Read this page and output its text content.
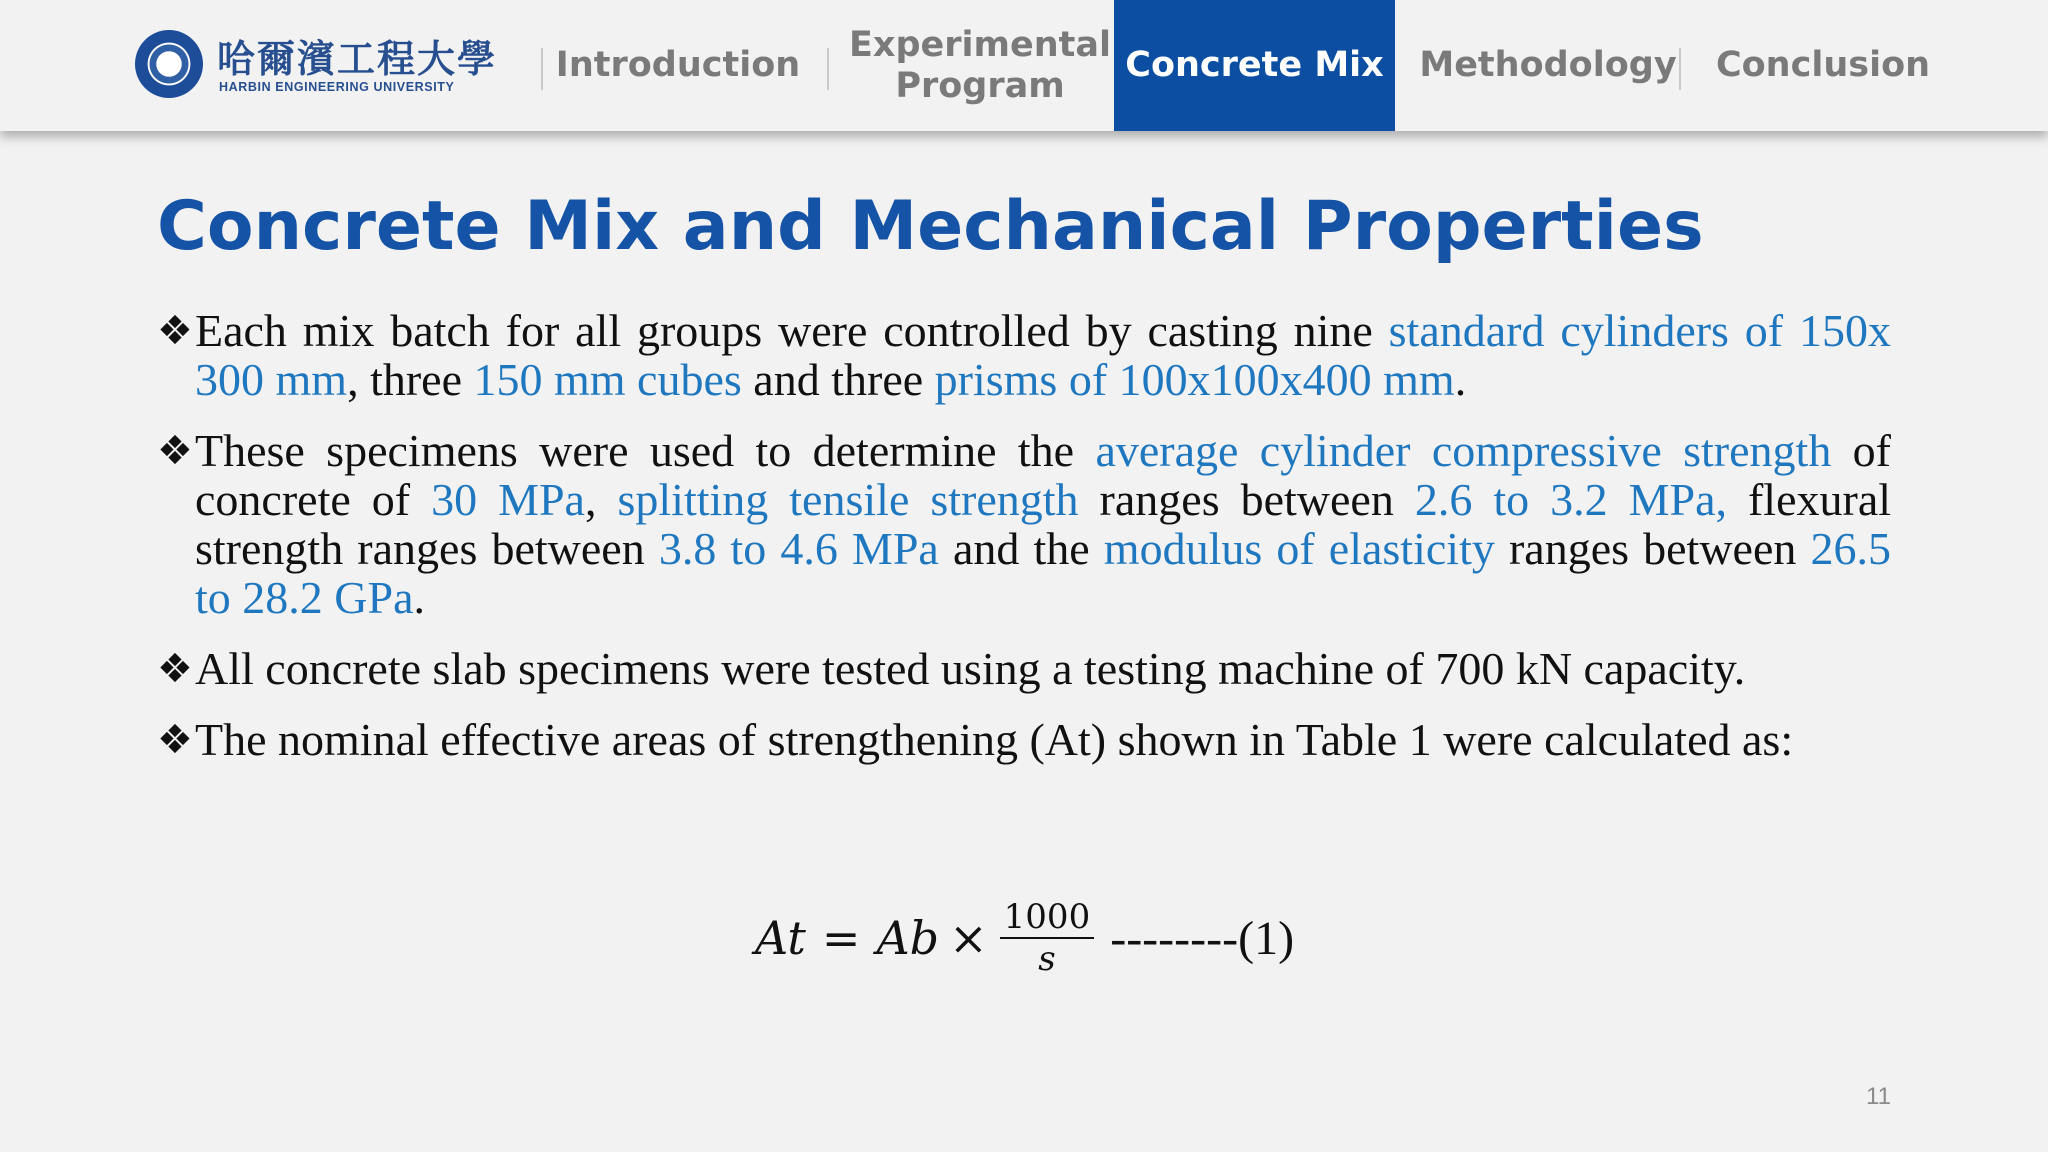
哈爾濱工程大學
HARBIN ENGINEERING UNIVERSITY
Introduction
Experimental Program
Concrete Mix	Methodology	Conclusion
Concrete Mix and Mechanical Properties

❖ Each mix batch for all groups were controlled by casting nine standard cylinders of 150x 300 mm, three 150 mm cubes and three prisms of 100x100x400 mm.

❖ These specimens were used to determine the average cylinder compressive strength of concrete of 30 MPa, splitting tensile strength ranges between 2.6 to 3.2 MPa, flexural strength ranges between 3.8 to 4.6 MPa and the modulus of elasticity ranges between 26.5 to 28.2 GPa.

❖ All concrete slab specimens were tested using a testing machine of 700 kN capacity.

❖ The nominal effective areas of strengthening (At) shown in Table 1 were calculated as:

$At = Ab \times \frac{1000}{s} --------(1)$
11
